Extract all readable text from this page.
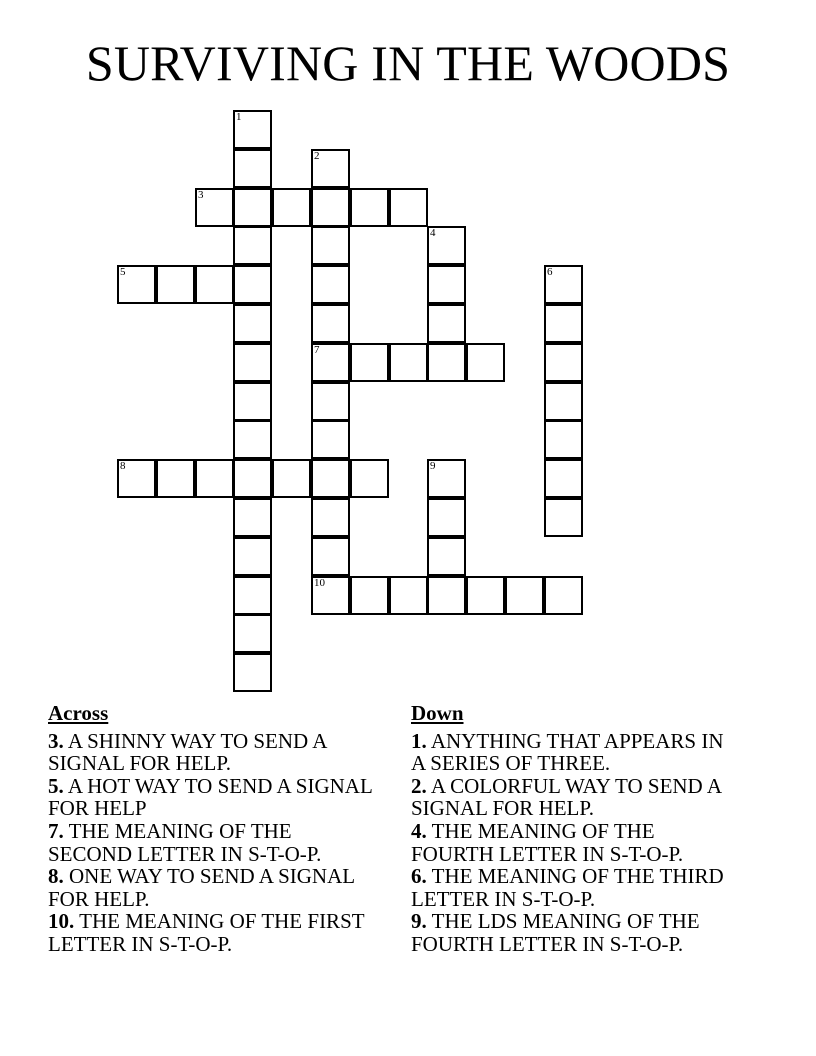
SURVIVING IN THE WOODS
1
2
3
4
5	6
7
8	9
10
Across
3. A SHINNY WAY TO SEND A SIGNAL FOR HELP.
5. A HOT WAY TO SEND A SIGNAL FOR HELP
7. THE MEANING OF THE SECOND LETTER IN S-T-O-P.
8. ONE WAY TO SEND A SIGNAL FOR HELP.
10. THE MEANING OF THE FIRST LETTER IN S-T-O-P.
Down
1. ANYTHING THAT APPEARS IN A SERIES OF THREE.
2. A COLORFUL WAY TO SEND A SIGNAL FOR HELP.
4. THE MEANING OF THE FOURTH LETTER IN S-T-O-P.
6. THE MEANING OF THE THIRD LETTER IN S-T-O-P.
9. THE LDS MEANING OF THE FOURTH LETTER IN S-T-O-P.
